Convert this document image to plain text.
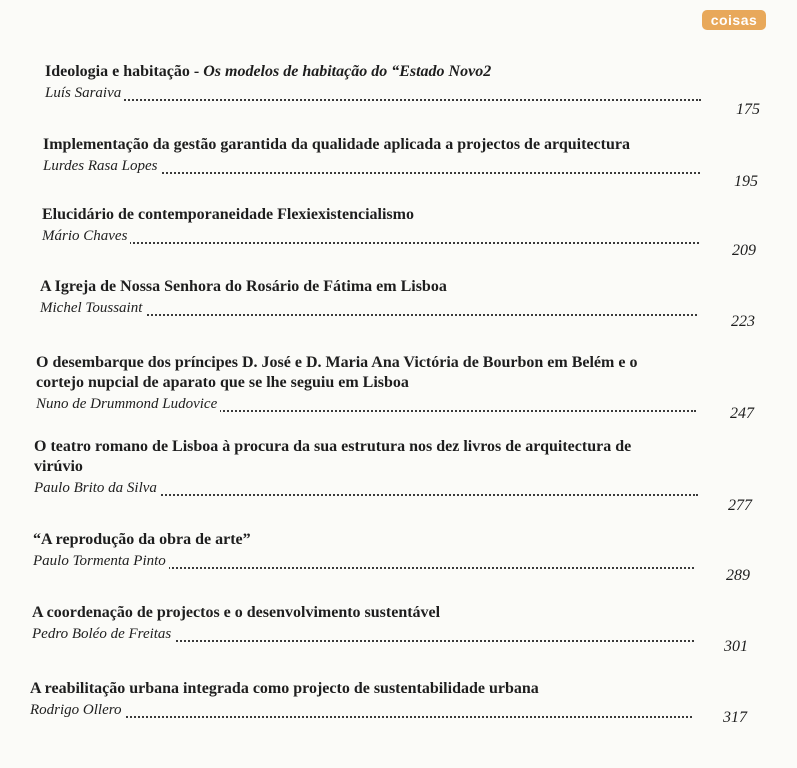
coisas
Ideologia e habitação - Os modelos de habitação do “Estado Novo2
Luís Saraiva
175
Implementação da gestão garantida da qualidade aplicada a projectos de arquitectura
Lurdes Rasa Lopes
195
Elucidário de contemporaneidade Flexiexistencialismo
Mário Chaves
209
A Igreja de Nossa Senhora do Rosário de Fátima em Lisboa
Michel Toussaint
223
O desembarque dos príncipes D. José e D. Maria Ana Victória de Bourbon em Belém e o
cortejo nupcial de aparato que se lhe seguiu em Lisboa
Nuno de Drummond Ludovice
247
O teatro romano de Lisboa à procura da sua estrutura nos dez livros de arquitectura de
virúvio
Paulo Brito da Silva
277
“A reprodução da obra de arte”
Paulo Tormenta Pinto
289
A coordenação de projectos e o desenvolvimento sustentável
Pedro Boléo de Freitas
301
A reabilitação urbana integrada como projecto de sustentabilidade urbana
Rodrigo Ollero	317
